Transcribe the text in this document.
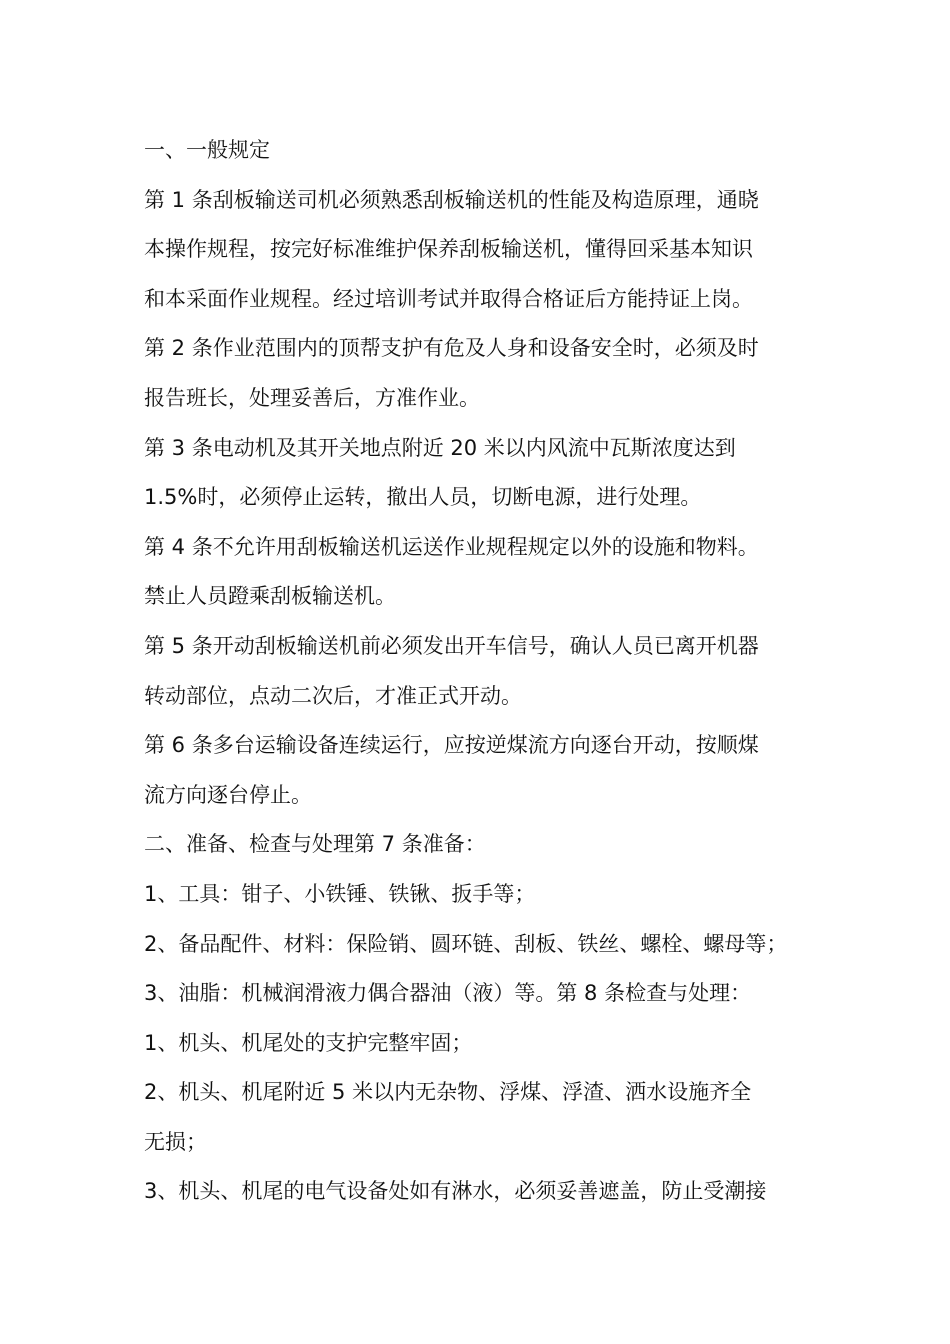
一、一般规定
第 1 条刮板输送司机必须熟悉刮板输送机的性能及构造原理，通晓
本操作规程，按完好标准维护保养刮板输送机，懂得回采基本知识
和本采面作业规程。经过培训考试并取得合格证后方能持证上岗。
第 2 条作业范围内的顶帮支护有危及人身和设备安全时，必须及时
报告班长，处理妥善后，方准作业。
第 3 条电动机及其开关地点附近 20 米以内风流中瓦斯浓度达到
1.5%时，必须停止运转，撤出人员，切断电源，进行处理。
第 4 条不允许用刮板输送机运送作业规程规定以外的设施和物料。
禁止人员蹬乘刮板输送机。
第 5 条开动刮板输送机前必须发出开车信号，确认人员已离开机器
转动部位，点动二次后，才准正式开动。
第 6 条多台运输设备连续运行，应按逆煤流方向逐台开动，按顺煤
流方向逐台停止。
二、准备、检查与处理第 7 条准备：
1、工具：钳子、小铁锤、铁锹、扳手等；
2、备品配件、材料：保险销、圆环链、刮板、铁丝、螺栓、螺母等；
3、油脂：机械润滑液力偶合器油（液）等。第 8 条检查与处理：
1、机头、机尾处的支护完整牢固；
2、机头、机尾附近 5 米以内无杂物、浮煤、浮渣、洒水设施齐全
无损；
3、机头、机尾的电气设备处如有淋水，必须妥善遮盖，防止受潮接
